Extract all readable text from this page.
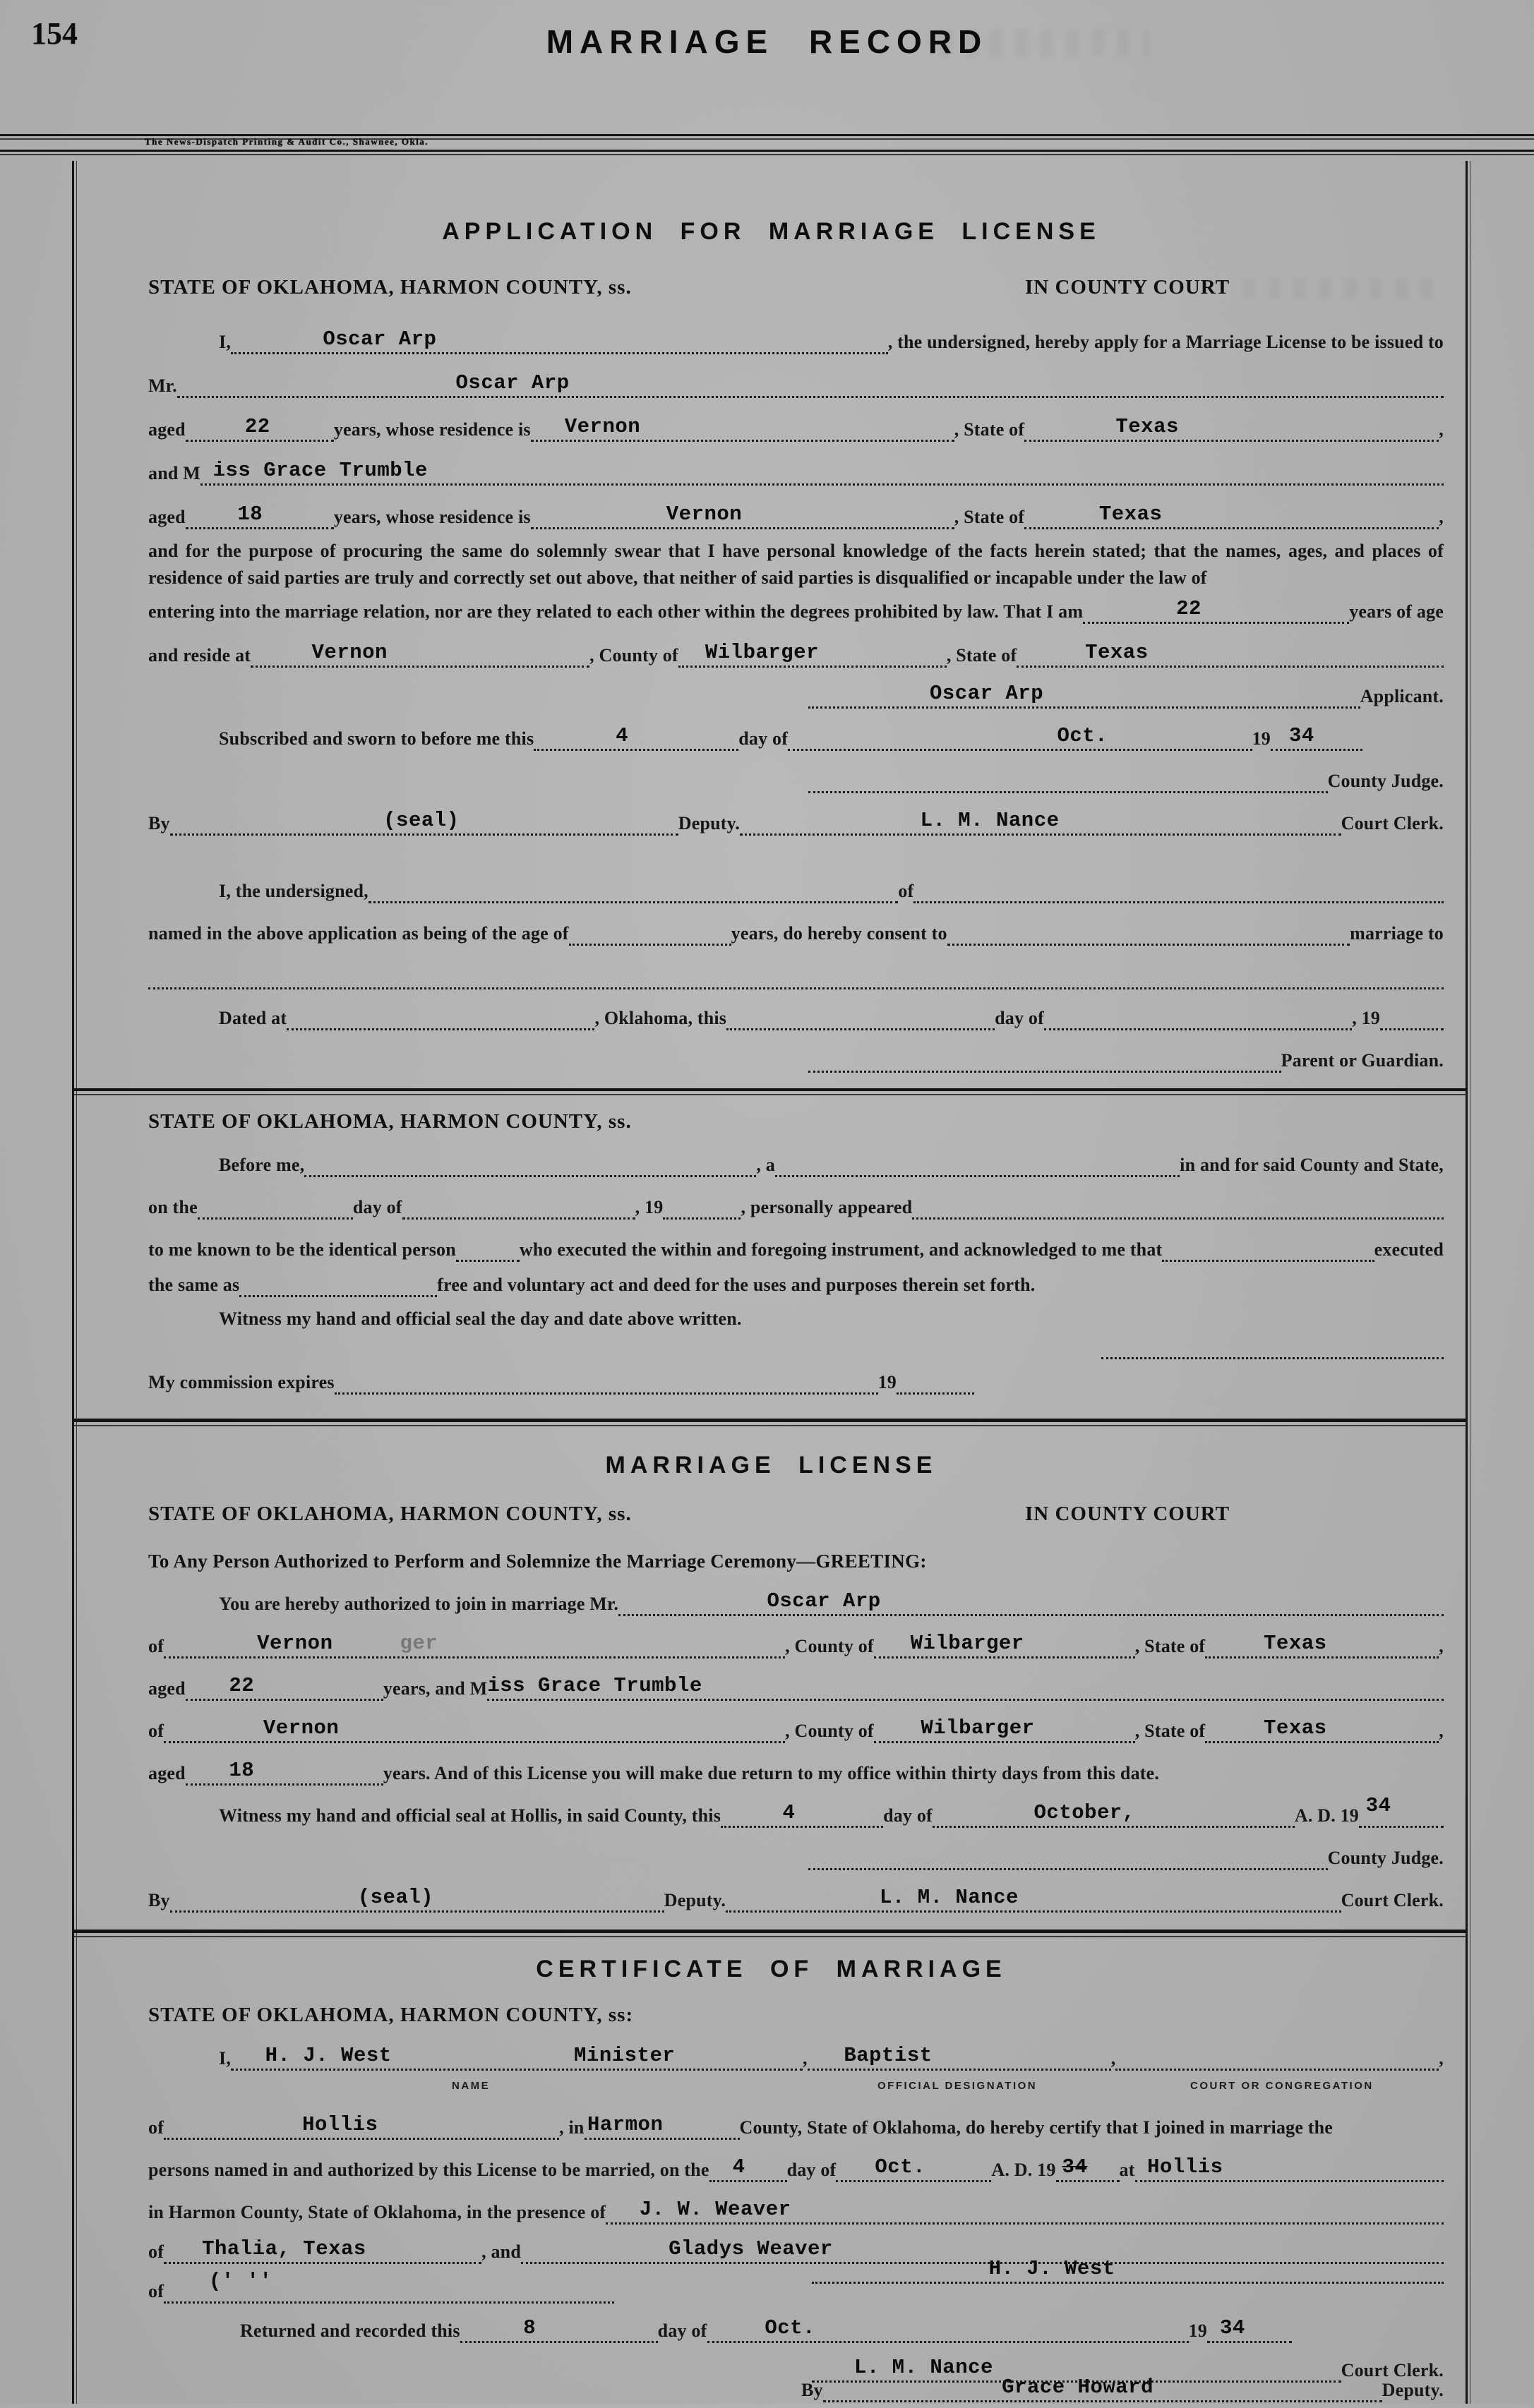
154	MARRIAGE RECORD
The News-Dispatch Printing & Audit Co., Shawnee, Okla.
APPLICATION FOR MARRIAGE LICENSE
STATE OF OKLAHOMA, HARMON COUNTY, ss.	IN COUNTY COURT
I,	Oscar Arp	, the undersigned, hereby apply for a Marriage License to be issued to
Mr.	Oscar Arp
aged	22	years, whose residence is Vernon	, State of	Texas	,
and M iss Grace Trumble
aged	18	years, whose residence is	Vernon	, State of	Texas	,
and for the purpose of procuring the same do solemnly swear that I have personal knowledge of the facts herein stated; that the names, ages, and places of residence of said parties are truly and correctly set out above, that neither of said parties is disqualified or incapable under the law of
entering into the marriage relation, nor are they related to each other within the degrees prohibited by law. That I am	22	years of age
and reside at	Vernon	, County of Wilbarger	, State of	Texas
Oscar Arp	Applicant.
Subscribed and sworn to before me this	4	day of	Oct.	19 34
County Judge.
By	(seal)	Deputy.	L. M. Nance	Court Clerk.
I, the undersigned,	of
named in the above application as being of the age of	years, do hereby consent to	marriage to
Dated at	, Oklahoma, this	day of	, 19
Parent or Guardian.
STATE OF OKLAHOMA, HARMON COUNTY, ss.
Before me,	, a	in and for said County and State,
on the	day of	, 19	, personally appeared
to me known to be the identical person	who executed the within and foregoing instrument, and acknowledged to me that	executed
the same as	free and voluntary act and deed for the uses and purposes therein set forth.
Witness my hand and official seal the day and date above written.
My commission expires	19
MARRIAGE LICENSE
STATE OF OKLAHOMA, HARMON COUNTY, ss.	IN COUNTY COURT
To Any Person Authorized to Perform and Solemnize the Marriage Ceremony—GREETING:
You are hereby authorized to join in marriage Mr.	Oscar Arp
of	Vernon	ger	, County of Wilbarger	, State of	Texas	,
aged 22	years, and M iss Grace Trumble
of	Vernon	, County of Wilbarger	, State of	Texas	,
aged 18	years. And of this License you will make due return to my office within thirty days from this date.
Witness my hand and official seal at Hollis, in said County, this	4	day of	October,	A. D. 19 34
County Judge.
By	(seal)	Deputy.	L. M. Nance	Court Clerk.
CERTIFICATE OF MARRIAGE
STATE OF OKLAHOMA, HARMON COUNTY, ss:
I, H. J. West	Minister	, Baptist	,	,
NAME	OFFICIAL DESIGNATION	COURT OR CONGREGATION
of	Hollis	, in Harmon	County, State of Oklahoma, do hereby certify that I joined in marriage the
persons named in and authorized by this License to be married, on the 4 day of Oct.	A. D. 19 34 at Hollis
in Harmon County, State of Oklahoma, in the presence of J. W. Weaver
of Thalia, Texas	, and	Gladys Weaver
of (' ''
H. J. West
Returned and recorded this	8	day of	Oct.	19 34
L. M. Nance	Court Clerk.
By	Grace Howard	Deputy.
